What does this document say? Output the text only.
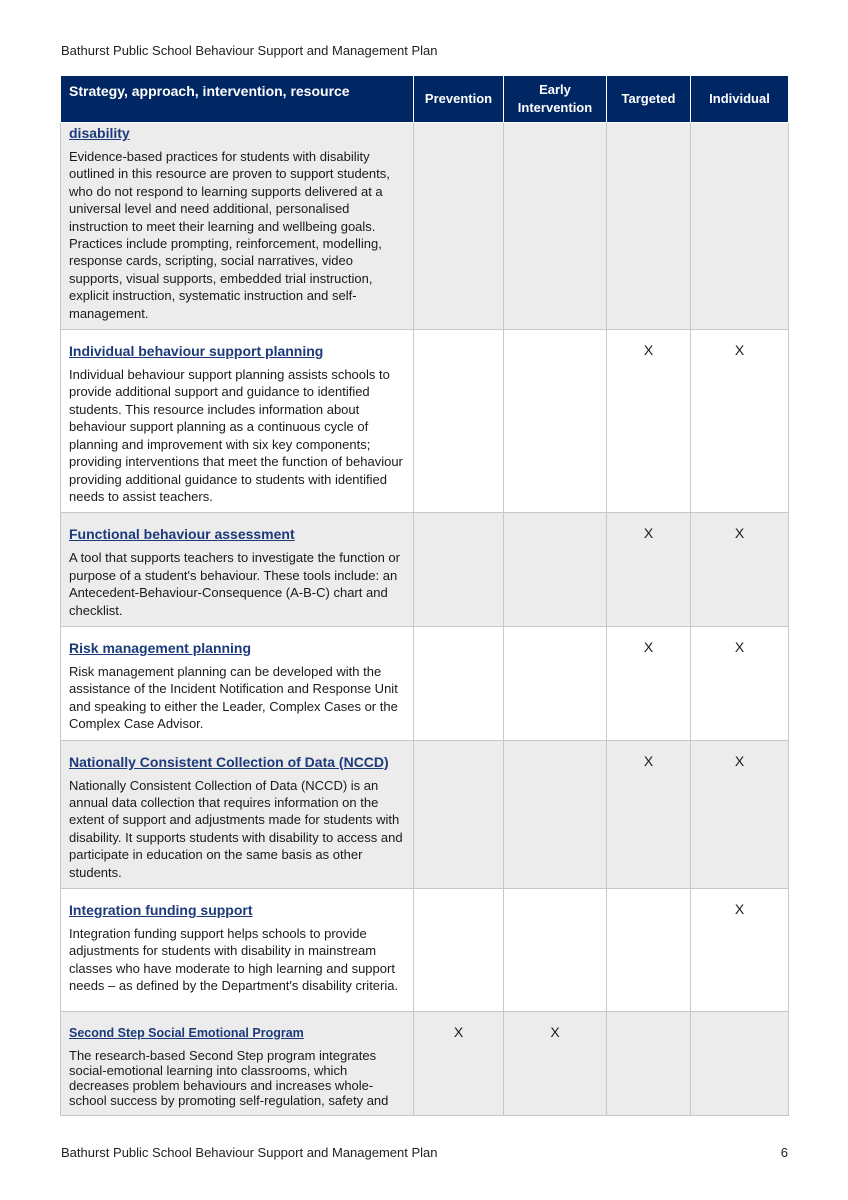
Bathurst Public School Behaviour Support and Management Plan
Strategy, approach, intervention, resource	Prevention	Early Intervention	Targeted	Individual

disability
Evidence-based practices for students with disability outlined in this resource are proven to support students, who do not respond to learning supports delivered at a universal level and need additional, personalised instruction to meet their learning and wellbeing goals. Practices include prompting, reinforcement, modelling, response cards, scripting, social narratives, video supports, visual supports, embedded trial instruction, explicit instruction, systematic instruction and self-management.				

Individual behaviour support planning
Individual behaviour support planning assists schools to provide additional support and guidance to identified students. This resource includes information about behaviour support planning as a continuous cycle of planning and improvement with six key components; providing interventions that meet the function of behaviour providing additional guidance to students with identified needs to assist teachers.			X	X

Functional behaviour assessment
A tool that supports teachers to investigate the function or purpose of a student's behaviour. These tools include: an Antecedent-Behaviour-Consequence (A-B-C) chart and checklist.			X	X

Risk management planning
Risk management planning can be developed with the assistance of the Incident Notification and Response Unit and speaking to either the Leader, Complex Cases or the Complex Case Advisor.			X	X

Nationally Consistent Collection of Data (NCCD)
Nationally Consistent Collection of Data (NCCD) is an annual data collection that requires information on the extent of support and adjustments made for students with disability. It supports students with disability to access and participate in education on the same basis as other students.			X	X

Integration funding support
Integration funding support helps schools to provide adjustments for students with disability in mainstream classes who have moderate to high learning and support needs – as defined by the Department's disability criteria.				X

Second Step Social Emotional Program
The research-based Second Step program integrates social-emotional learning into classrooms, which decreases problem behaviours and increases whole-school success by promoting self-regulation, safety and	X	X		
Bathurst Public School Behaviour Support and Management Plan	6
